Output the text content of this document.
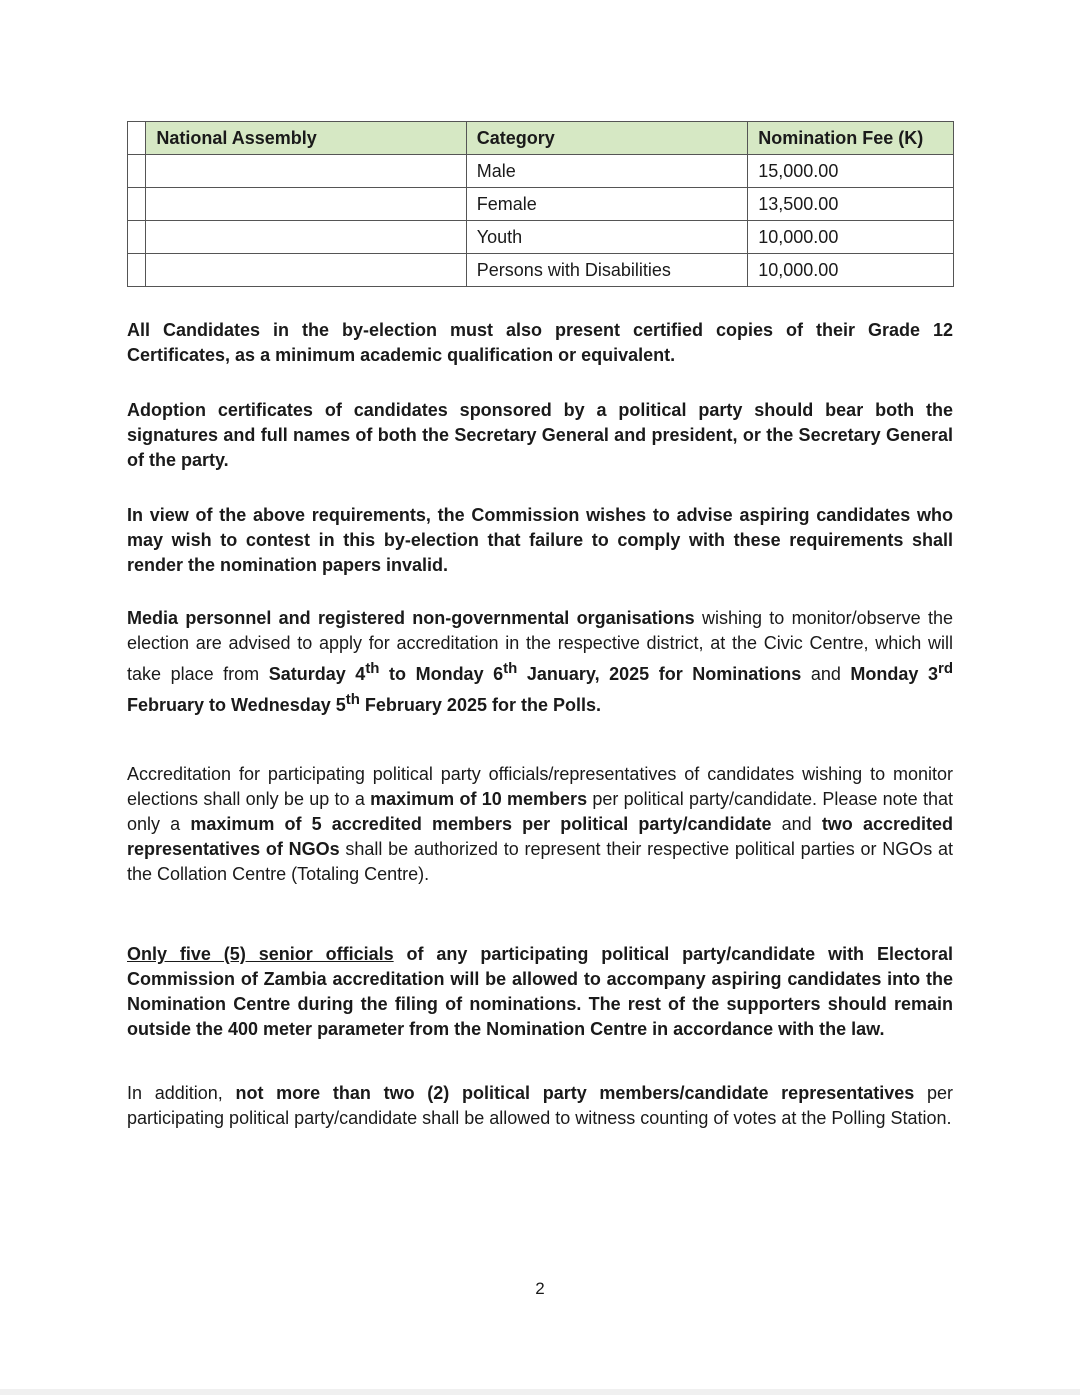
	National Assembly	Category	Nomination Fee (K)
		Male	15,000.00
		Female	13,500.00
		Youth	10,000.00
		Persons with Disabilities	10,000.00

All Candidates in the by-election must also present certified copies of their Grade 12 Certificates, as a minimum academic qualification or equivalent.

Adoption certificates of candidates sponsored by a political party should bear both the signatures and full names of both the Secretary General and president, or the Secretary General of the party.

In view of the above requirements, the Commission wishes to advise aspiring candidates who may wish to contest in this by-election that failure to comply with these requirements shall render the nomination papers invalid.

Media personnel and registered non-governmental organisations wishing to monitor/observe the election are advised to apply for accreditation in the respective district, at the Civic Centre, which will take place from Saturday 4th to Monday 6th January, 2025 for Nominations and Monday 3rd February to Wednesday 5th February 2025 for the Polls.

Accreditation for participating political party officials/representatives of candidates wishing to monitor elections shall only be up to a maximum of 10 members per political party/candidate. Please note that only a maximum of 5 accredited members per political party/candidate and two accredited representatives of NGOs shall be authorized to represent their respective political parties or NGOs at the Collation Centre (Totaling Centre).

Only five (5) senior officials of any participating political party/candidate with Electoral Commission of Zambia accreditation will be allowed to accompany aspiring candidates into the Nomination Centre during the filing of nominations. The rest of the supporters should remain outside the 400 meter parameter from the Nomination Centre in accordance with the law.

In addition, not more than two (2) political party members/candidate representatives per participating political party/candidate shall be allowed to witness counting of votes at the Polling Station.

2
